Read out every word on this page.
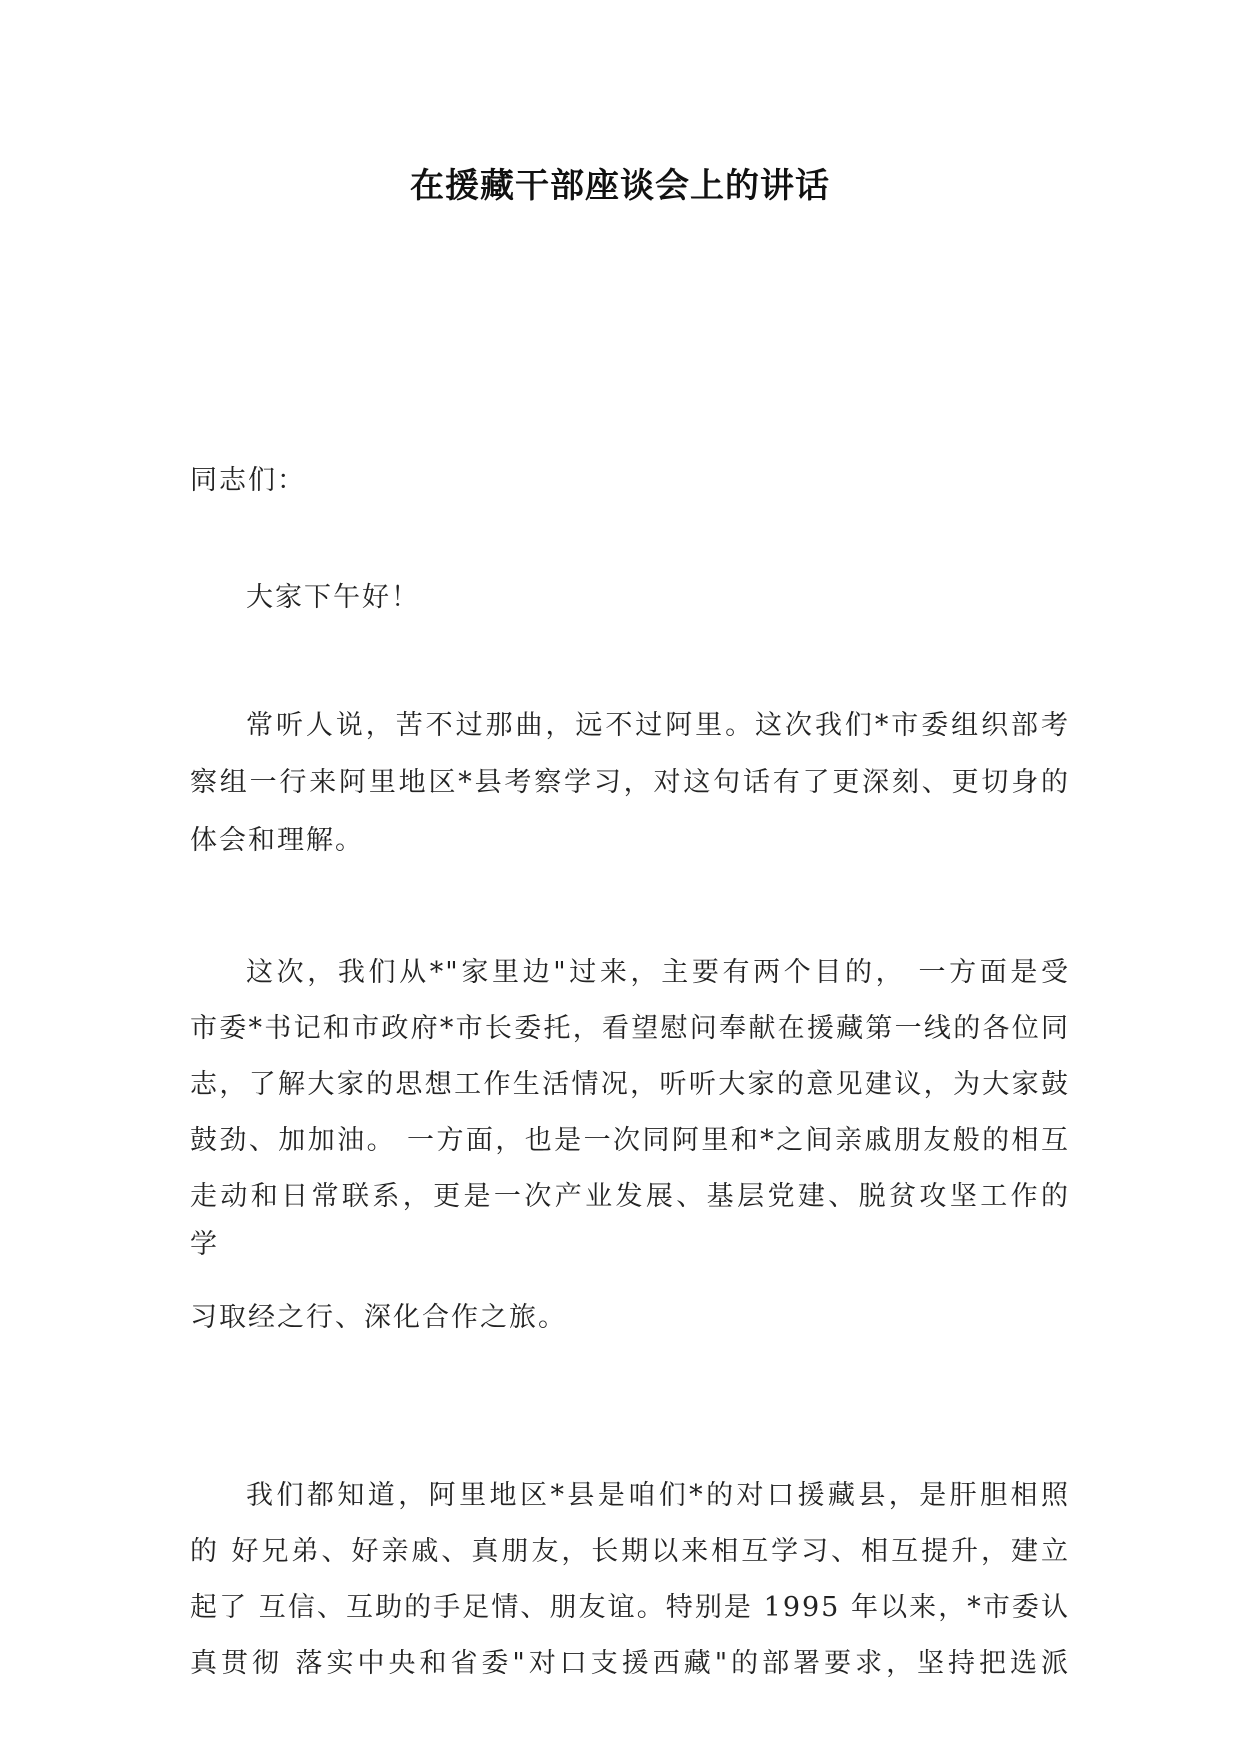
在援藏干部座谈会上的讲话
同志们：
大家下午好！
常听人说，苦不过那曲，远不过阿里。这次我们*市委组织部考
察组一行来阿里地区*县考察学习，对这句话有了更深刻、更切身的
体会和理解。
这次，我们从*"家里边"过来，主要有两个目的， 一方面是受
市委*书记和市政府*市长委托，看望慰问奉献在援藏第一线的各位同
志，了解大家的思想工作生活情况，听听大家的意见建议，为大家鼓
鼓劲、加加油。 一方面，也是一次同阿里和*之间亲戚朋友般的相互
走动和日常联系，更是一次产业发展、基层党建、脱贫攻坚工作的
学
习取经之行、深化合作之旅。
我们都知道，阿里地区*县是咱们*的对口援藏县，是肝胆相照
的 好兄弟、好亲戚、真朋友，长期以来相互学习、相互提升，建立
起了 互信、互助的手足情、朋友谊。特别是 1995 年以来，*市委认
真贯彻 落实中央和省委"对口支援西藏"的部署要求，坚持把选派
